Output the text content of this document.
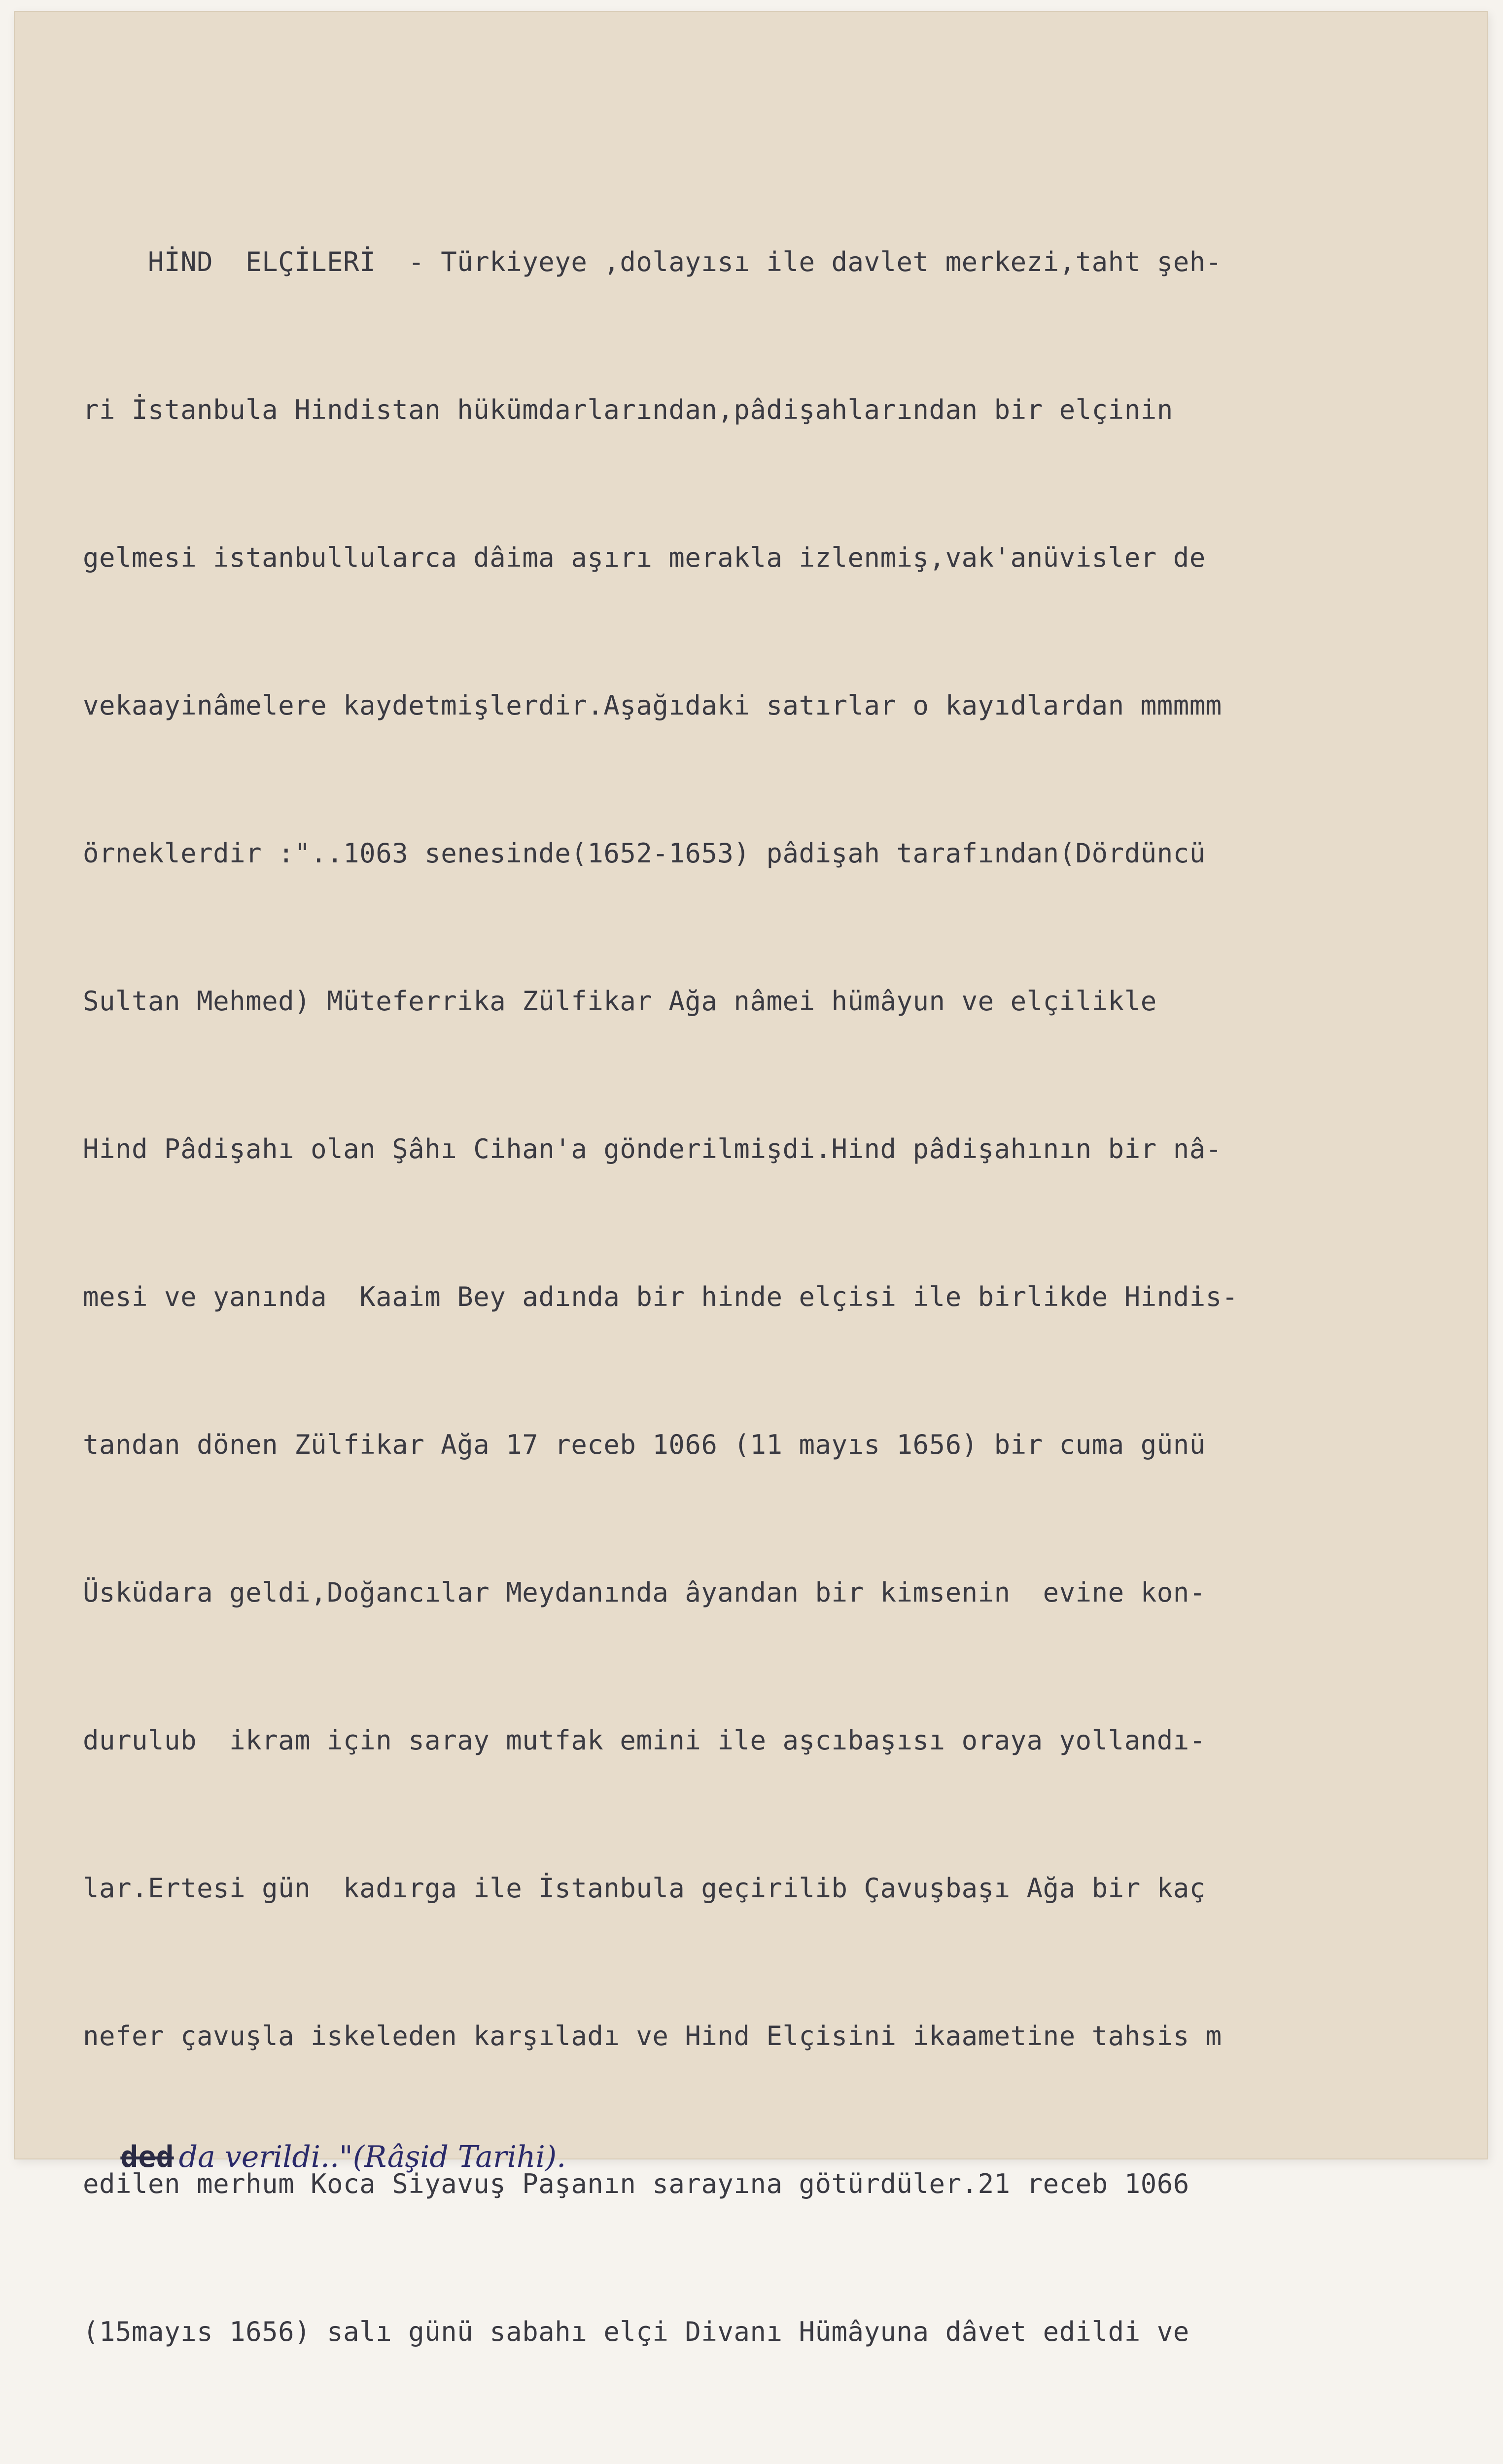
HİND  ELÇİLERİ  - Türkiyeye ,dolayısı ile davlet merkezi,taht şeh-

ri İstanbula Hindistan hükümdarlarından,pâdişahlarından bir elçinin

gelmesi istanbullularca dâima aşırı merakla izlenmiş,vak'anüvisler de

vekaayinâmelere kaydetmişlerdir.Aşağıdaki satırlar o kayıdlardan mmmmm

örneklerdir :"..1063 senesinde(1652-1653) pâdişah tarafından(Dördüncü

Sultan Mehmed) Müteferrika Zülfikar Ağa nâmei hümâyun ve elçilikle

Hind Pâdişahı olan Şâhı Cihan'a gönderilmişdi.Hind pâdişahının bir nâ-

mesi ve yanında  Kaaim Bey adında bir hinde elçisi ile birlikde Hindis-

tandan dönen Zülfikar Ağa 17 receb 1066 (11 mayıs 1656) bir cuma günü

Üsküdara geldi,Doğancılar Meydanında âyandan bir kimsenin  evine kon-

durulub  ikram için saray mutfak emini ile aşcıbaşısı oraya yollandı-

lar.Ertesi gün  kadırga ile İstanbula geçirilib Çavuşbaşı Ağa bir kaç

nefer çavuşla iskeleden karşıladı ve Hind Elçisini ikaametine tahsis m

edilen merhum Koca Siyavuş Paşanın sarayına götürdüler.21 receb 1066

(15mayıs 1656) salı günü sabahı elçi Divanı Hümâyuna dâvet edildi ve

ded da verildi.."(Râşid Tarihi).
